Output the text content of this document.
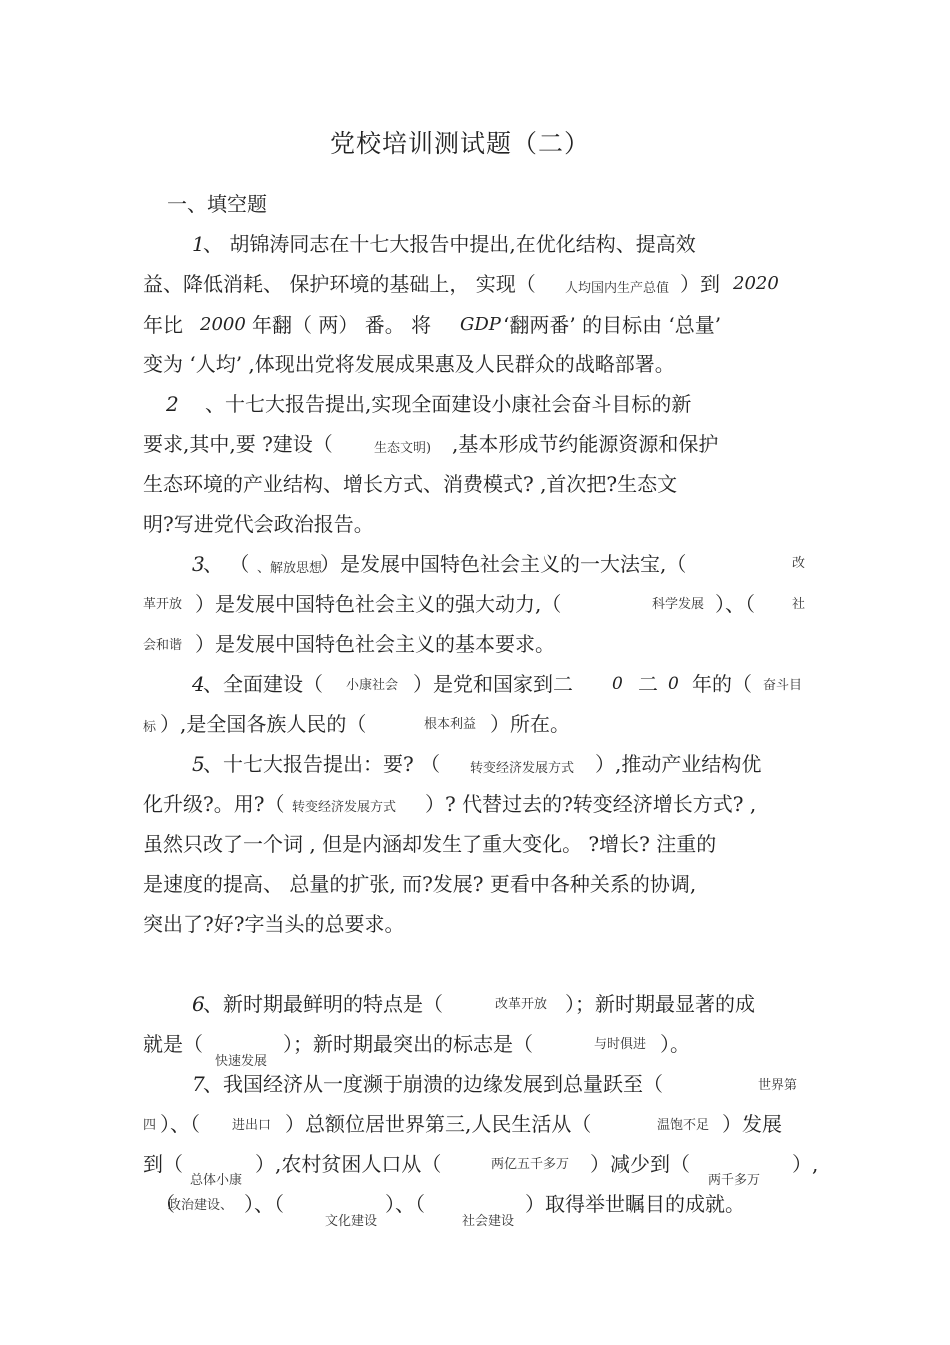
党校培训测试题（二）
一、填空题
1
、 胡锦涛同志在十七大报告中提出,在优化结构、提高效
益、降低消耗、 保护环境的基础上， 实现（ 人均国内生产总值 ）到 2020
年比 2000 年翻（ 两） 番。 将 GDP ‘翻两番’ 的目标由 ‘总量’
变为 ‘人均’ ,体现出党将发展成果惠及人民群众的战略部署。
2 、十七大报告提出,实现全面建设小康社会奋斗目标的新
要求,其中,要 ?建设（	生态文明) ,基本形成节约能源资源和保护
生态环境的产业结构、增长方式、消费模式? ,首次把?生态文
明?写进党代会政治报告。
3
、 （ 、解放思想
）是发展中国特色社会主义的一大法宝,（	改
革开放 ）是发展中国特色社会主义的强大动力,（	科学发展 ）、（	社
会和谐 ）是发展中国特色社会主义的基本要求。
4
、全面建设（ 小康社会 ）是党和国家到二 0 二 0 年的（ 奋斗目
标 ）,是全国各族人民的（	根本利益 ）所在。
5
、十七大报告提出：要? （ 转变经济发展方式 ）,推动产业结构优
化升级?。用?（ 转变经济发展方式 ）? 代替过去的?转变经济增长方式? ,
虽然只改了一个词 , 但是内涵却发生了重大变化。 ?增长? 注重的
是速度的提高、 总量的扩张, 而?发展? 更看中各种关系的协调,
突出了?好?字当头的总要求。
6
、新时期最鲜明的特点是（	改革开放 ）；新时期最显著的成
就是（	）；新时期最突出的标志是（	与时俱进 ）。
快速发展
7
、我国经济从一度濒于崩溃的边缘发展到总量跃至（	世界第
四 ）、（ 进出口 ）总额位居世界第三,人民生活从（	温饱不足 ）发展
到（	）,农村贫困人口从（	两亿五千多万 ）减少到（	）,
总体小康	两千多万
（
政治建设、 ）、（	）、（	）取得举世瞩目的成就。
文化建设	社会建设
